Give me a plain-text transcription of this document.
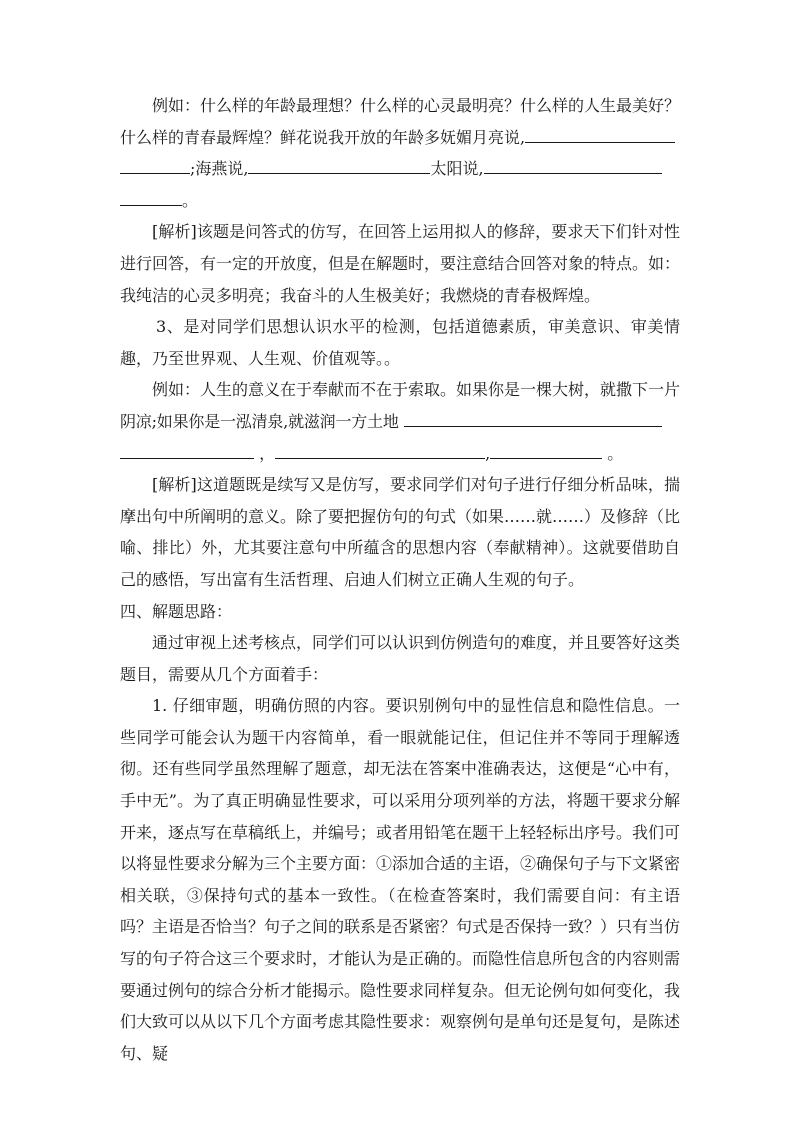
例如：什么样的年龄最理想？什么样的心灵最明亮？什么样的人生最美好？
什么样的青春最辉煌？鲜花说我开放的年龄多妩媚月亮说,
;海燕说,	太阳说,
。

[解析]该题是问答式的仿写，在回答上运用拟人的修辞，要求天下们针对性进行回答，有一定的开放度，但是在解题时，要注意结合回答对象的特点。如：我纯洁的心灵多明亮；我奋斗的人生极美好；我燃烧的青春极辉煌。

3、是对同学们思想认识水平的检测，包括道德素质，审美意识、审美情趣，乃至世界观、人生观、价值观等。。

例如：人生的意义在于奉献而不在于索取。如果你是一棵大树，就撒下一片
阴凉;如果你是一泓清泉,就滋润一方土地
，	,	。

[解析]这道题既是续写又是仿写，要求同学们对句子进行仔细分析品味，揣摩出句中所阐明的意义。除了要把握仿句的句式（如果……就……）及修辞（比喻、排比）外，尤其要注意句中所蕴含的思想内容（奉献精神）。这就要借助自己的感悟，写出富有生活哲理、启迪人们树立正确人生观的句子。

四、解题思路：

通过审视上述考核点，同学们可以认识到仿例造句的难度，并且要答好这类题目，需要从几个方面着手：

1. 仔细审题，明确仿照的内容。要识别例句中的显性信息和隐性信息。一些同学可能会认为题干内容简单，看一眼就能记住，但记住并不等同于理解透彻。还有些同学虽然理解了题意，却无法在答案中准确表达，这便是“心中有，手中无”。为了真正明确显性要求，可以采用分项列举的方法，将题干要求分解开来，逐点写在草稿纸上，并编号；或者用铅笔在题干上轻轻标出序号。我们可以将显性要求分解为三个主要方面：①添加合适的主语，②确保句子与下文紧密相关联，③保持句式的基本一致性。（在检查答案时，我们需要自问：有主语吗？主语是否恰当？句子之间的联系是否紧密？句式是否保持一致？）只有当仿写的句子符合这三个要求时，才能认为是正确的。而隐性信息所包含的内容则需要通过例句的综合分析才能揭示。隐性要求同样复杂。但无论例句如何变化，我们大致可以从以下几个方面考虑其隐性要求：观察例句是单句还是复句，是陈述句、疑
